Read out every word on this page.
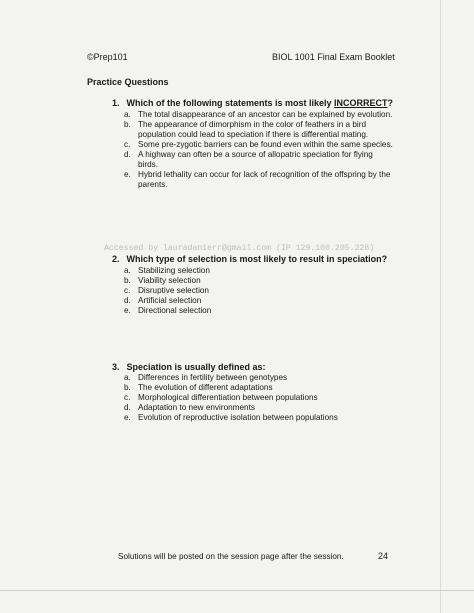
©Prep101	BIOL 1001 Final Exam Booklet
Practice Questions
1. Which of the following statements is most likely INCORRECT?
a. The total disappearance of an ancestor can be explained by evolution.
b. The appearance of dimorphism in the color of feathers in a bird population could lead to speciation if there is differential mating.
c. Some pre-zygotic barriers can be found even within the same species.
d. A highway can often be a source of allopatric speciation for flying birds.
e. Hybrid lethality can occur for lack of recognition of the offspring by the parents.
Accessed by lauradanierr@gmail.com (IP 129.100.205.228)
2. Which type of selection is most likely to result in speciation?
a. Stabilizing selection
b. Viability selection
c. Disruptive selection
d. Artificial selection
e. Directional selection
3. Speciation is usually defined as:
a. Differences in fertility between genotypes
b. The evolution of different adaptations
c. Morphological differentiation between populations
d. Adaptation to new environments
e. Evolution of reproductive isolation between populations
Solutions will be posted on the session page after the session.	24
